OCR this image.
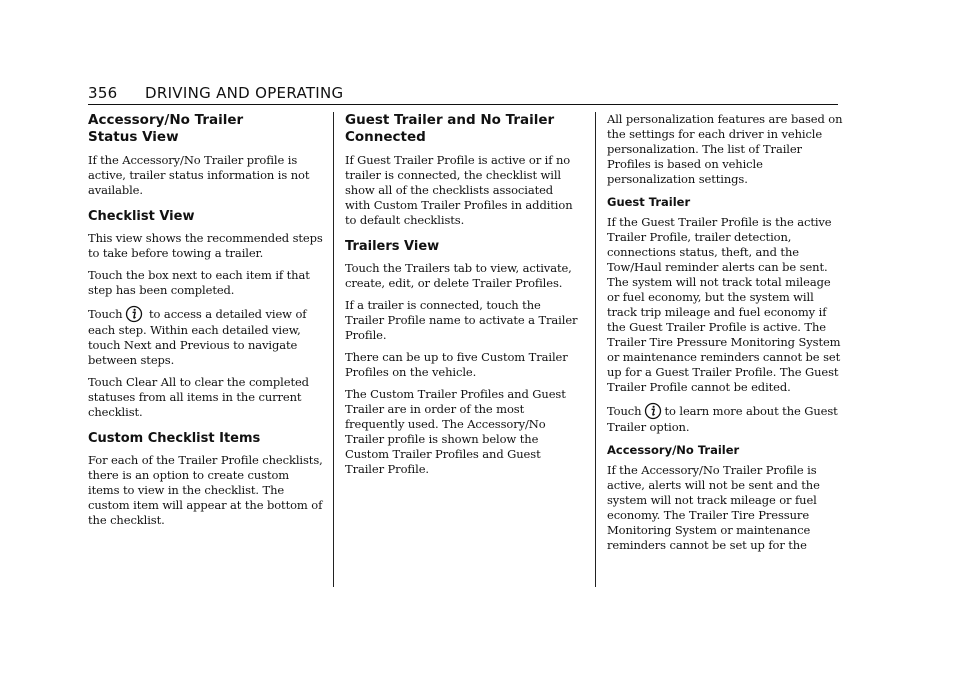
356 DRIVING AND OPERATING
Accessory/No Trailer
Status View

If the Accessory/No Trailer profile is active, trailer status information is not available.

Checklist View

This view shows the recommended steps to take before towing a trailer.

Touch the box next to each item if that step has been completed.

Touch to access a detailed view of each step. Within each detailed view, touch Next and Previous to navigate between steps.

Touch Clear All to clear the completed statuses from all items in the current checklist.

Custom Checklist Items

For each of the Trailer Profile checklists, there is an option to create custom items to view in the checklist. The custom item will appear at the bottom of the checklist.

Guest Trailer and No Trailer
Connected

If Guest Trailer Profile is active or if no trailer is connected, the checklist will show all of the checklists associated with Custom Trailer Profiles in addition to default checklists.

Trailers View

Touch the Trailers tab to view, activate, create, edit, or delete Trailer Profiles.

If a trailer is connected, touch the Trailer Profile name to activate a Trailer Profile.

There can be up to five Custom Trailer Profiles on the vehicle.

The Custom Trailer Profiles and Guest Trailer are in order of the most frequently used. The Accessory/No Trailer profile is shown below the Custom Trailer Profiles and Guest Trailer Profile.

All personalization features are based on the settings for each driver in vehicle personalization. The list of Trailer Profiles is based on vehicle personalization settings.

Guest Trailer

If the Guest Trailer Profile is the active Trailer Profile, trailer detection, connections status, theft, and the Tow/Haul reminder alerts can be sent. The system will not track total mileage or fuel economy, but the system will track trip mileage and fuel economy if the Guest Trailer Profile is active. The Trailer Tire Pressure Monitoring System or maintenance reminders cannot be set up for a Guest Trailer Profile. The Guest Trailer Profile cannot be edited.

Touch to learn more about the Guest Trailer option.

Accessory/No Trailer

If the Accessory/No Trailer Profile is active, alerts will not be sent and the system will not track mileage or fuel economy. The Trailer Tire Pressure Monitoring System or maintenance reminders cannot be set up for the
